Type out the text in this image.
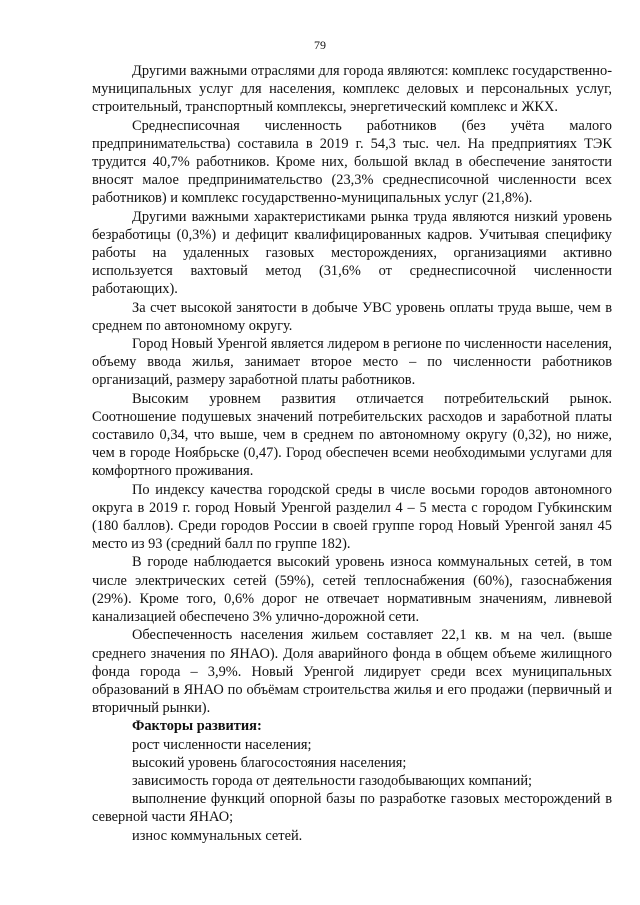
79

Другими важными отраслями для города являются: комплекс государственно-муниципальных услуг для населения, комплекс деловых и персональных услуг, строительный, транспортный комплексы, энергетический комплекс и ЖКХ.

Среднесписочная численность работников (без учёта малого предпринимательства) составила в 2019 г. 54,3 тыс. чел. На предприятиях ТЭК трудится 40,7% работников. Кроме них, большой вклад в обеспечение занятости вносят малое предпринимательство (23,3% среднесписочной численности всех работников) и комплекс государственно-муниципальных услуг (21,8%).

Другими важными характеристиками рынка труда являются низкий уровень безработицы (0,3%) и дефицит квалифицированных кадров. Учитывая специфику работы на удаленных газовых месторождениях, организациями активно используется вахтовый метод (31,6% от среднесписочной численности работающих).

За счет высокой занятости в добыче УВС уровень оплаты труда выше, чем в среднем по автономному округу.

Город Новый Уренгой является лидером в регионе по численности населения, объему ввода жилья, занимает второе место – по численности работников организаций, размеру заработной платы работников.

Высоким уровнем развития отличается потребительский рынок. Соотношение подушевых значений потребительских расходов и заработной платы составило 0,34, что выше, чем в среднем по автономному округу (0,32), но ниже, чем в городе Ноябрьске (0,47). Город обеспечен всеми необходимыми услугами для комфортного проживания.

По индексу качества городской среды в числе восьми городов автономного округа в 2019 г. город Новый Уренгой разделил 4 – 5 места с городом Губкинским (180 баллов). Среди городов России в своей группе город Новый Уренгой занял 45 место из 93 (средний балл по группе 182).

В городе наблюдается высокий уровень износа коммунальных сетей, в том числе электрических сетей (59%), сетей теплоснабжения (60%), газоснабжения (29%). Кроме того, 0,6% дорог не отвечает нормативным значениям, ливневой канализацией обеспечено 3% улично-дорожной сети.

Обеспеченность населения жильем составляет 22,1 кв. м на чел. (выше среднего значения по ЯНАО). Доля аварийного фонда в общем объеме жилищного фонда города – 3,9%. Новый Уренгой лидирует среди всех муниципальных образований в ЯНАО по объёмам строительства жилья и его продажи (первичный и вторичный рынки).

Факторы развития:
рост численности населения;
высокий уровень благосостояния населения;
зависимость города от деятельности газодобывающих компаний;
выполнение функций опорной базы по разработке газовых месторождений в северной части ЯНАО;
износ коммунальных сетей.
